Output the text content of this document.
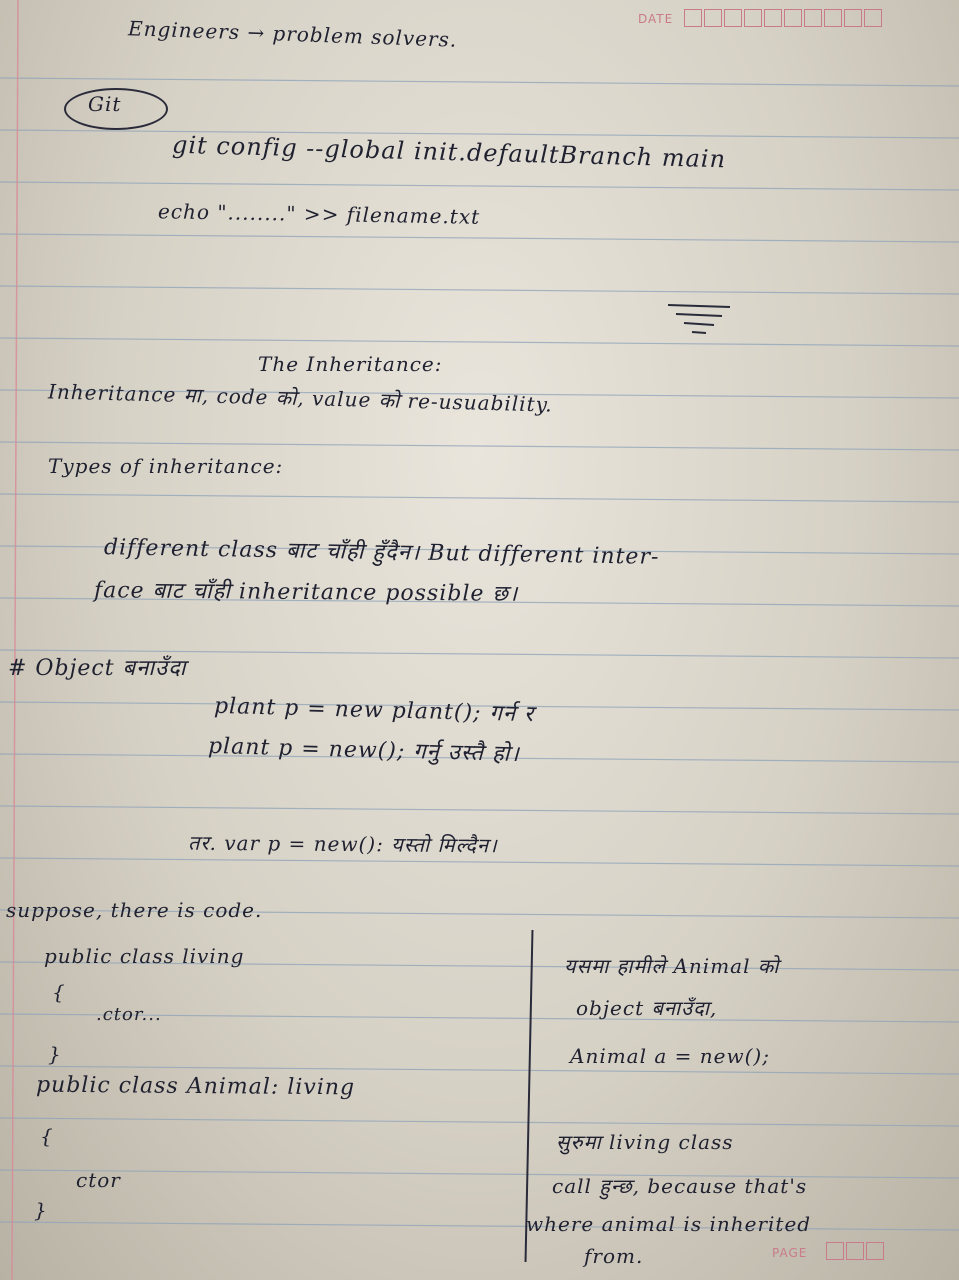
DATE
Engineers → problem solvers.
Git
git config --global init.defaultBranch main
echo "........" >> filename.txt
The Inheritance:
Inheritance मा, code को, value को re-usuability.
Types of inheritance:
different class बाट चाँही हुँदैन। But different inter-
face बाट चाँही inheritance possible छ।
# Object बनाउँदा
plant p = new plant(); गर्न र
plant p = new(); गर्नु उस्तै हो।
तर. var p = new(): यस्तो मिल्दैन।
suppose, there is code.
public class living
{
.ctor...
}
public class Animal: living
{
ctor
}
यसमा हामीले Animal को
object बनाउँदा,
Animal a = new();
सुरुमा living class
call हुन्छ, because that's
where animal is inherited
from.	PAGE
